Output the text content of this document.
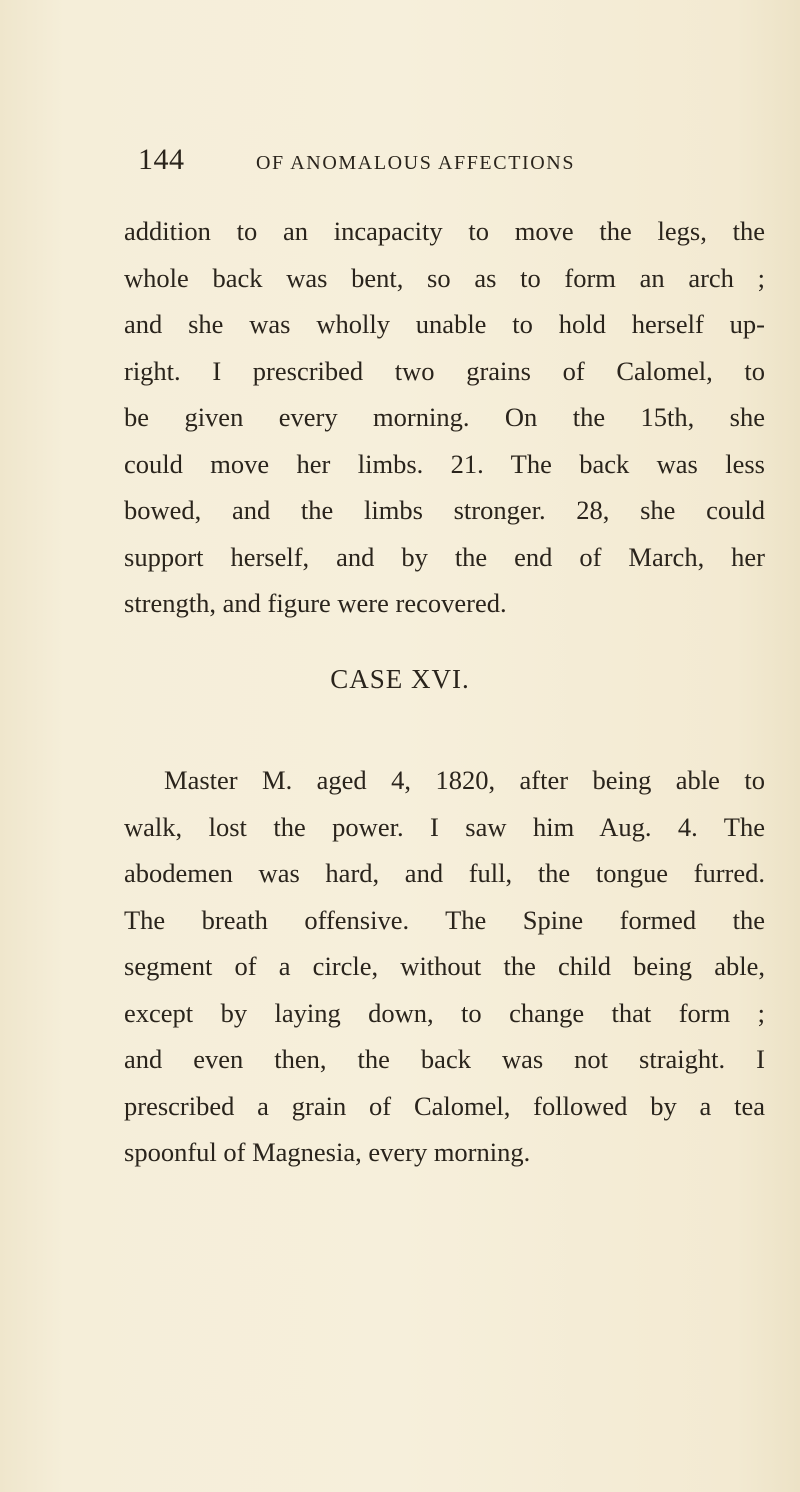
144	OF ANOMALOUS AFFECTIONS
addition to an incapacity to move the legs, the
whole back was bent, so as to form an arch ;
and she was wholly unable to hold herself up-
right. I prescribed two grains of Calomel, to
be given every morning. On the 15th, she
could move her limbs. 21. The back was less
bowed, and the limbs stronger. 28, she could
support herself, and by the end of March, her
strength, and figure were recovered.
CASE XVI.
Master M. aged 4, 1820, after being able to
walk, lost the power. I saw him Aug. 4. The
abodemen was hard, and full, the tongue furred.
The breath offensive. The Spine formed the
segment of a circle, without the child being able,
except by laying down, to change that form ;
and even then, the back was not straight. I
prescribed a grain of Calomel, followed by a tea
spoonful of Magnesia, every morning.
